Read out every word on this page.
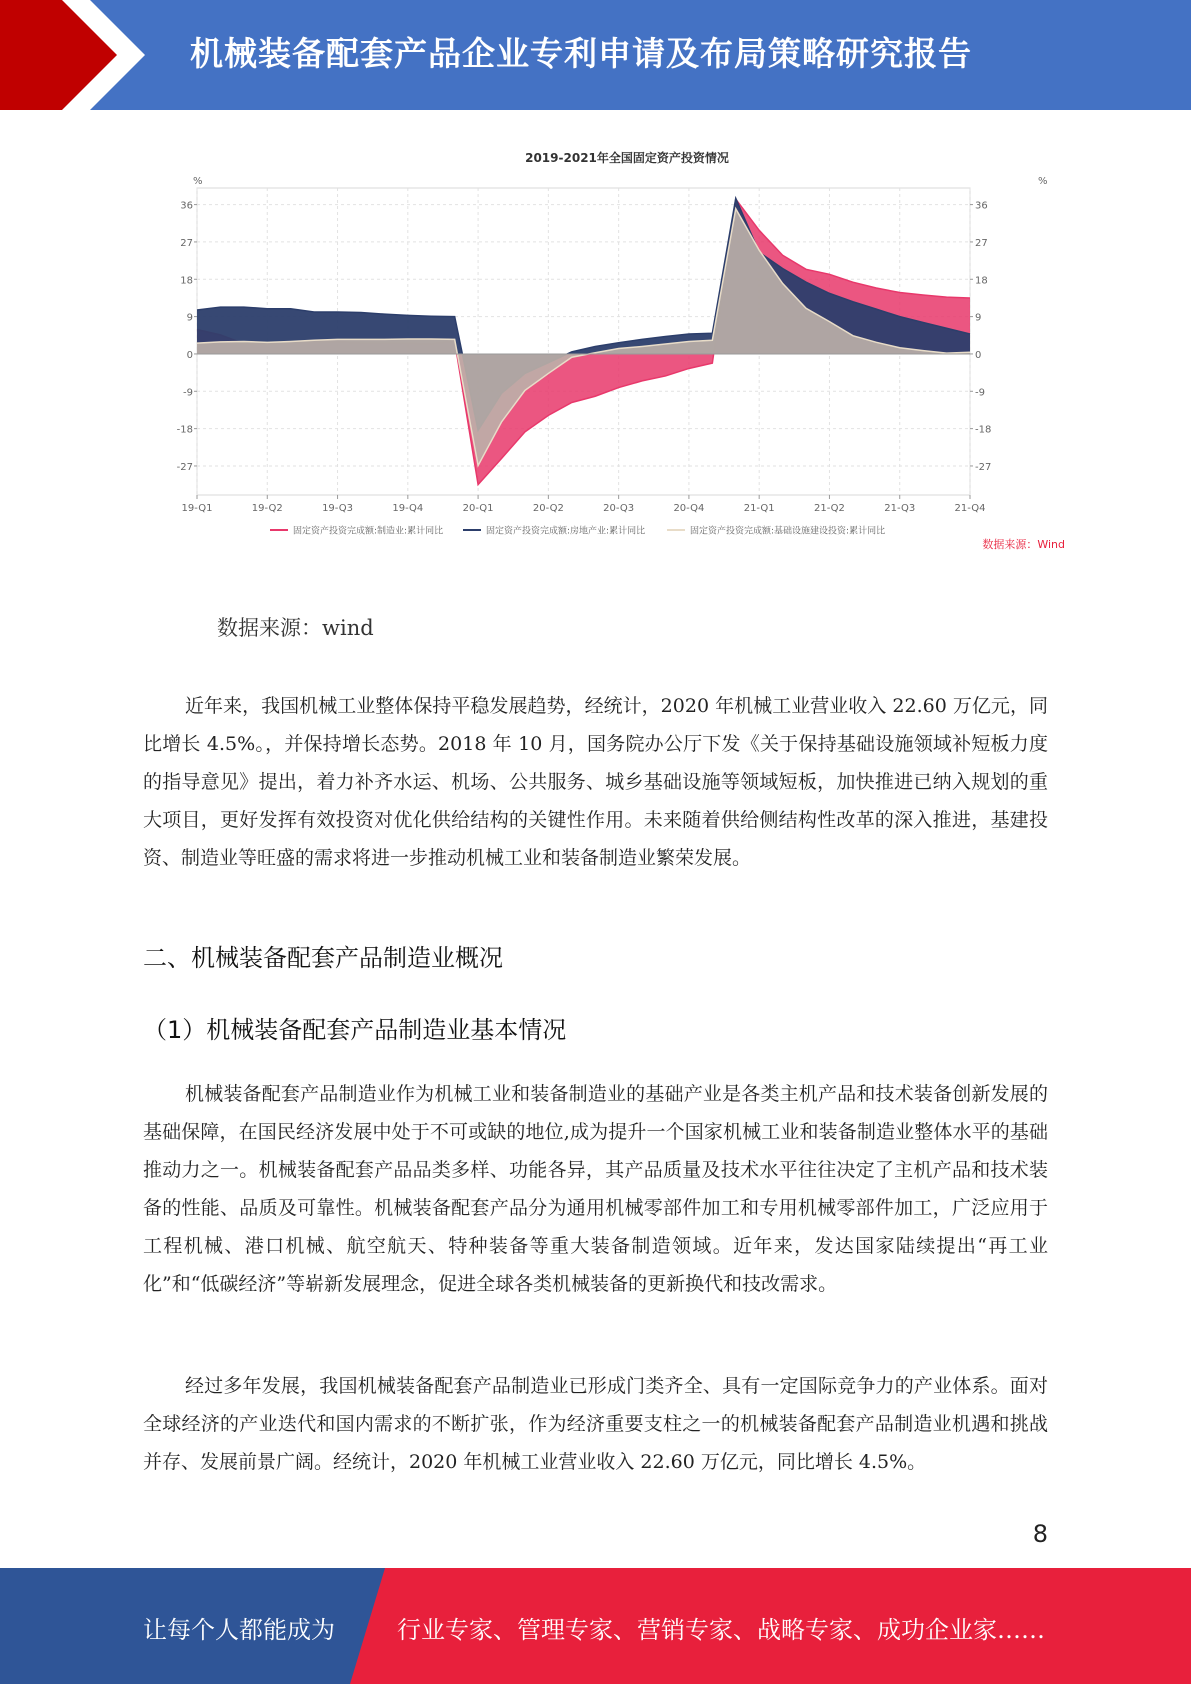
机械装备配套产品企业专利申请及布局策略研究报告
2019-2021年全国固定资产投资情况
%	%
36	36
27	27
18	18
9	9
0	0
-9	-9
-18	-18
-27	-27
19-Q1	19-Q2	19-Q3	19-Q4	20-Q1	20-Q2	20-Q3	20-Q4	21-Q1	21-Q2	21-Q3	21-Q4
固定资产投资完成额:制造业:累计同比	固定资产投资完成额:房地产业:累计同比	固定资产投资完成额:基础设施建设投资:累计同比
数据来源：Wind
数据来源：wind

近年来，我国机械工业整体保持平稳发展趋势，经统计，2020 年机械工业营业收入 22.60 万亿元，同比增长 4.5%。，并保持增长态势。2018 年 10 月，国务院办公厅下发《关于保持基础设施领域补短板力度的指导意见》提出，着力补齐水运、机场、公共服务、城乡基础设施等领域短板，加快推进已纳入规划的重大项目，更好发挥有效投资对优化供给结构的关键性作用。未来随着供给侧结构性改革的深入推进，基建投资、制造业等旺盛的需求将进一步推动机械工业和装备制造业繁荣发展。

二、机械装备配套产品制造业概况
（1）机械装备配套产品制造业基本情况

机械装备配套产品制造业作为机械工业和装备制造业的基础产业是各类主机产品和技术装备创新发展的基础保障，在国民经济发展中处于不可或缺的地位,成为提升一个国家机械工业和装备制造业整体水平的基础推动力之一。机械装备配套产品品类多样、功能各异，其产品质量及技术水平往往决定了主机产品和技术装备的性能、品质及可靠性。机械装备配套产品分为通用机械零部件加工和专用机械零部件加工，广泛应用于工程机械、港口机械、航空航天、特种装备等重大装备制造领域。近年来，发达国家陆续提出“再工业化”和“低碳经济”等崭新发展理念，促进全球各类机械装备的更新换代和技改需求。

经过多年发展，我国机械装备配套产品制造业已形成门类齐全、具有一定国际竞争力的产业体系。面对全球经济的产业迭代和国内需求的不断扩张，作为经济重要支柱之一的机械装备配套产品制造业机遇和挑战并存、发展前景广阔。经统计，2020 年机械工业营业收入 22.60 万亿元，同比增长 4.5%。

8
让每个人都能成为	行业专家、管理专家、营销专家、战略专家、成功企业家……
